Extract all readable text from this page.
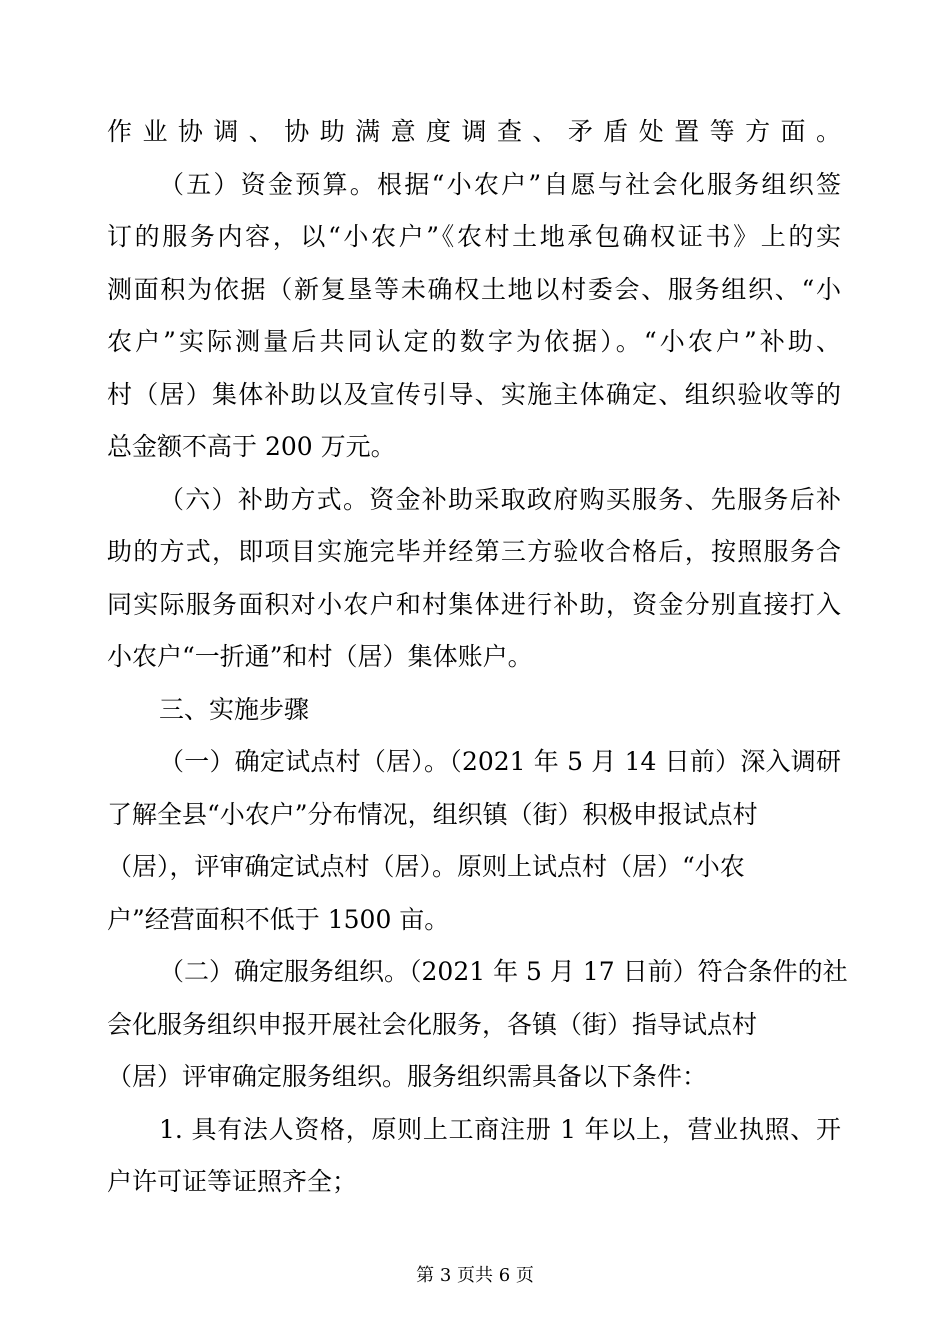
作业协调、协助满意度调查、矛盾处置等方面。
（五）资金预算。根据“小农户”自愿与社会化服务组织签
订的服务内容，以“小农户”《农村土地承包确权证书》上的实
测面积为依据（新复垦等未确权土地以村委会、服务组织、“小
农户”实际测量后共同认定的数字为依据）。“小农户”补助、
村（居）集体补助以及宣传引导、实施主体确定、组织验收等的
总金额不高于 200 万元。
（六）补助方式。资金补助采取政府购买服务、先服务后补
助的方式，即项目实施完毕并经第三方验收合格后，按照服务合
同实际服务面积对小农户和村集体进行补助，资金分别直接打入
小农户“一折通”和村（居）集体账户。
三、实施步骤
（一）确定试点村（居）。（2021 年 5 月 14 日前）深入调研
了解全县“小农户”分布情况，组织镇（街）积极申报试点村
（居），评审确定试点村（居）。原则上试点村（居）“小农
户”经营面积不低于 1500 亩。
（二）确定服务组织。（2021 年 5 月 17 日前）符合条件的社
会化服务组织申报开展社会化服务，各镇（街）指导试点村
（居）评审确定服务组织。服务组织需具备以下条件：
1. 具有法人资格，原则上工商注册 1 年以上，营业执照、开
户许可证等证照齐全；
第 3 页共 6 页
